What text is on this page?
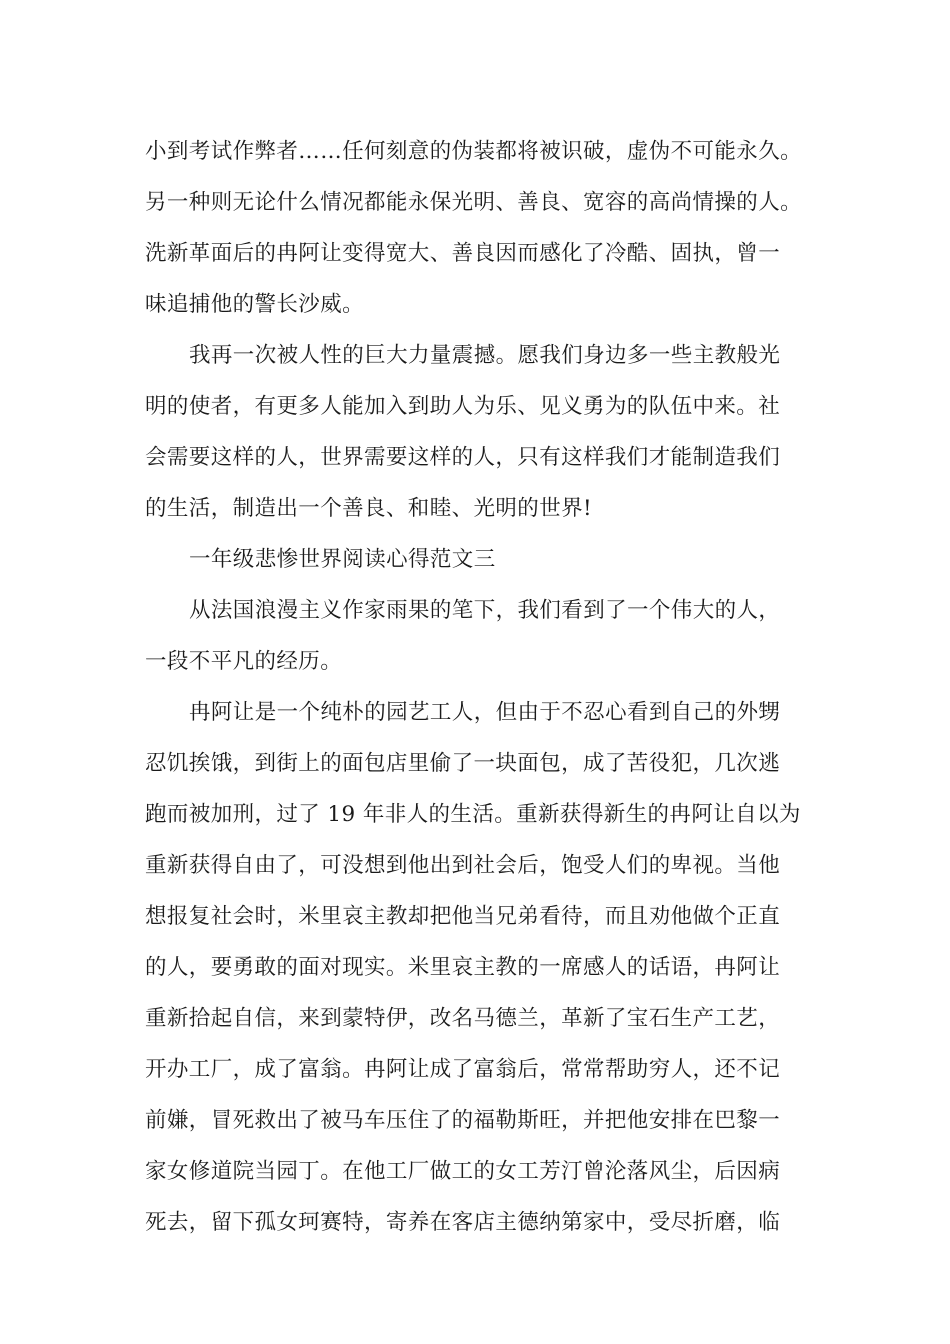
小到考试作弊者……任何刻意的伪装都将被识破，虚伪不可能永久。
另一种则无论什么情况都能永保光明、善良、宽容的高尚情操的人。
洗新革面后的冉阿让变得宽大、善良因而感化了冷酷、固执，曾一
味追捕他的警长沙威。
我再一次被人性的巨大力量震撼。愿我们身边多一些主教般光
明的使者，有更多人能加入到助人为乐、见义勇为的队伍中来。社
会需要这样的人，世界需要这样的人，只有这样我们才能制造我们
的生活，制造出一个善良、和睦、光明的世界!
一年级悲惨世界阅读心得范文三
从法国浪漫主义作家雨果的笔下，我们看到了一个伟大的人，
一段不平凡的经历。
冉阿让是一个纯朴的园艺工人，但由于不忍心看到自己的外甥
忍饥挨饿，到街上的面包店里偷了一块面包，成了苦役犯，几次逃
跑而被加刑，过了 19 年非人的生活。重新获得新生的冉阿让自以为
重新获得自由了，可没想到他出到社会后，饱受人们的卑视。当他
想报复社会时，米里哀主教却把他当兄弟看待，而且劝他做个正直
的人，要勇敢的面对现实。米里哀主教的一席感人的话语，冉阿让
重新拾起自信，来到蒙特伊，改名马德兰，革新了宝石生产工艺，
开办工厂，成了富翁。冉阿让成了富翁后，常常帮助穷人，还不记
前嫌，冒死救出了被马车压住了的福勒斯旺，并把他安排在巴黎一
家女修道院当园丁。在他工厂做工的女工芳汀曾沦落风尘，后因病
死去，留下孤女珂赛特，寄养在客店主德纳第家中，受尽折磨，临
